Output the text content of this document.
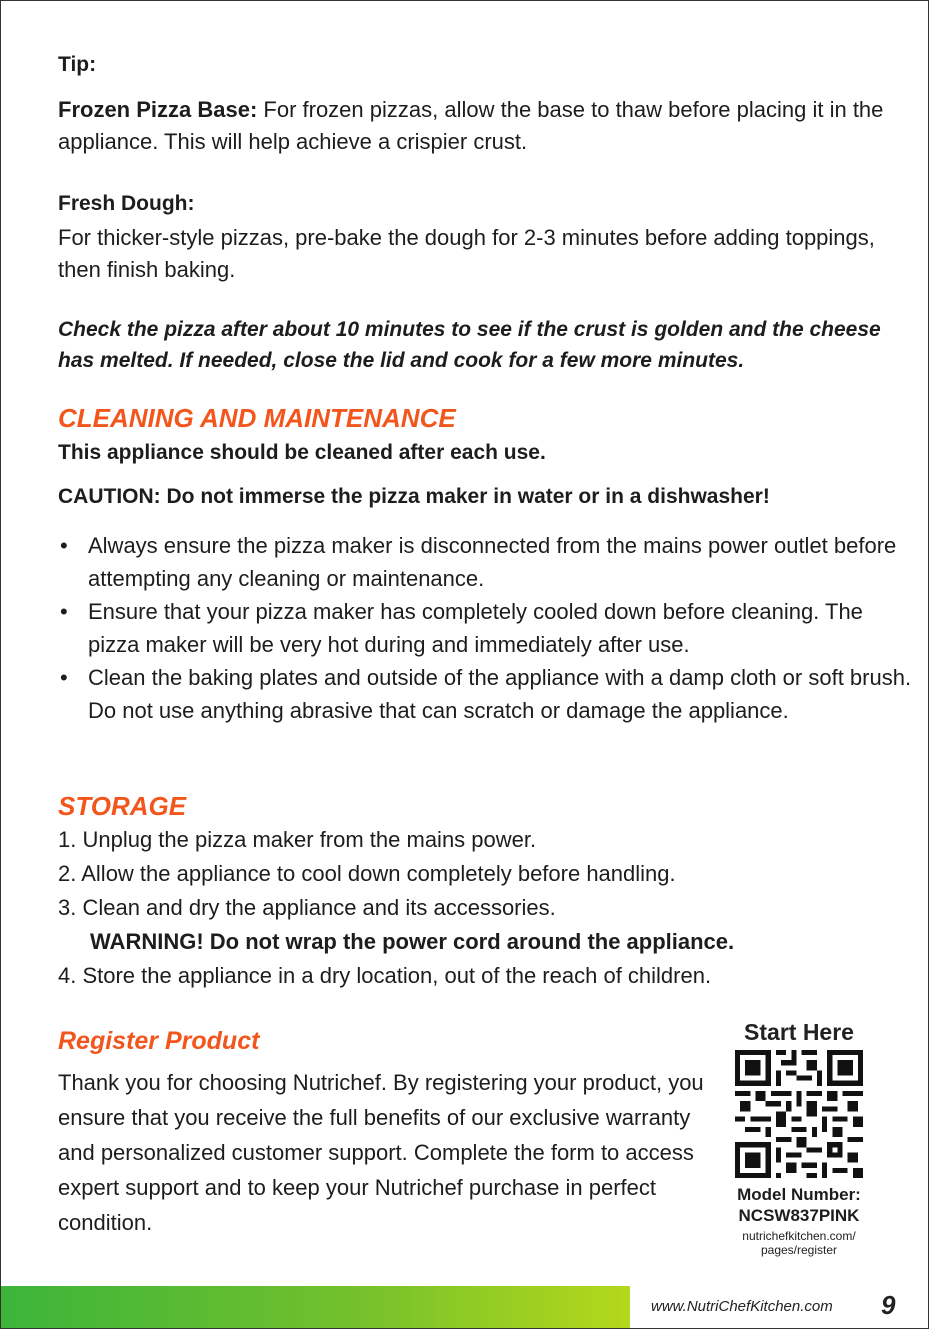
Tip:

Frozen Pizza Base: For frozen pizzas, allow the base to thaw before placing it in the appliance. This will help achieve a crispier crust.

Fresh Dough:

For thicker-style pizzas, pre-bake the dough for 2-3 minutes before adding toppings, then finish baking.

Check the pizza after about 10 minutes to see if the crust is golden and the cheese has melted. If needed, close the lid and cook for a few more minutes.

CLEANING AND MAINTENANCE

This appliance should be cleaned after each use.

CAUTION: Do not immerse the pizza maker in water or in a dishwasher!

• Always ensure the pizza maker is disconnected from the mains power outlet before attempting any cleaning or maintenance.
• Ensure that your pizza maker has completely cooled down before cleaning. The pizza maker will be very hot during and immediately after use.
• Clean the baking plates and outside of the appliance with a damp cloth or soft brush. Do not use anything abrasive that can scratch or damage the appliance.

STORAGE

1. Unplug the pizza maker from the mains power.
2. Allow the appliance to cool down completely before handling.
3. Clean and dry the appliance and its accessories.
WARNING! Do not wrap the power cord around the appliance.
4. Store the appliance in a dry location, out of the reach of children.

Register Product

Thank you for choosing Nutrichef. By registering your product, you ensure that you receive the full benefits of our exclusive warranty and personalized customer support. Complete the form to access expert support and to keep your Nutrichef purchase in perfect condition.

Start Here

Model Number:
NCSW837PINK
nutrichefkitchen.com/ pages/register

www.NutriChefKitchen.com 9
